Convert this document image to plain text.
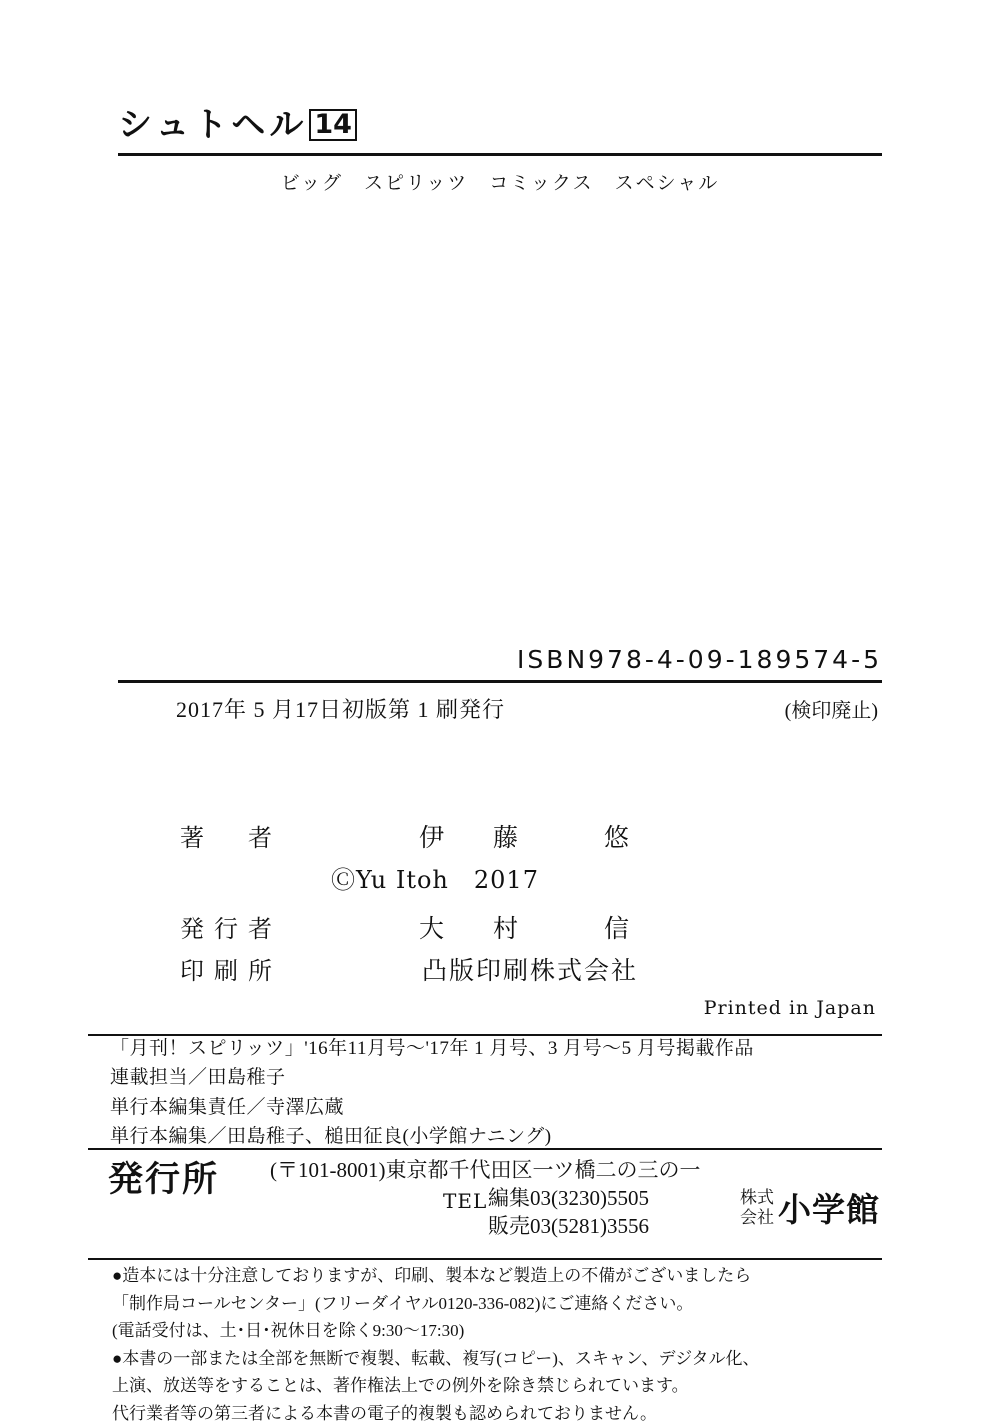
シュトヘル 14
ビッグ　スピリッツ　コミックス　スペシャル
ISBN978-4-09-189574-5
2017年 5 月17日初版第 1 刷発行	(検印廃止)
著　者	伊　藤　　悠
ⒸYu Itoh　2017
発行者	大　村　　信
印刷所	凸版印刷株式会社
Printed in Japan
「月刊！スピリッツ」'16年11月号〜'17年 1 月号、3 月号〜5 月号掲載作品
連載担当／田島稚子
単行本編集責任／寺澤広蔵
単行本編集／田島稚子、槌田征良(小学館ナニング)
発行所 (〒101-8001)東京都千代田区一ツ橋二の三の一
TEL 編集03(3230)5505
販売03(5281)3556
株式
会社 小学館
●造本には十分注意しておりますが、印刷、製本など製造上の不備がございましたら
「制作局コールセンター」(フリーダイヤル0120-336-082)にご連絡ください。
(電話受付は、土･日･祝休日を除く9:30〜17:30)
●本書の一部または全部を無断で複製、転載、複写(コピー)、スキャン、デジタル化、
上演、放送等をすることは、著作権法上での例外を除き禁じられています。
代行業者等の第三者による本書の電子的複製も認められておりません。
